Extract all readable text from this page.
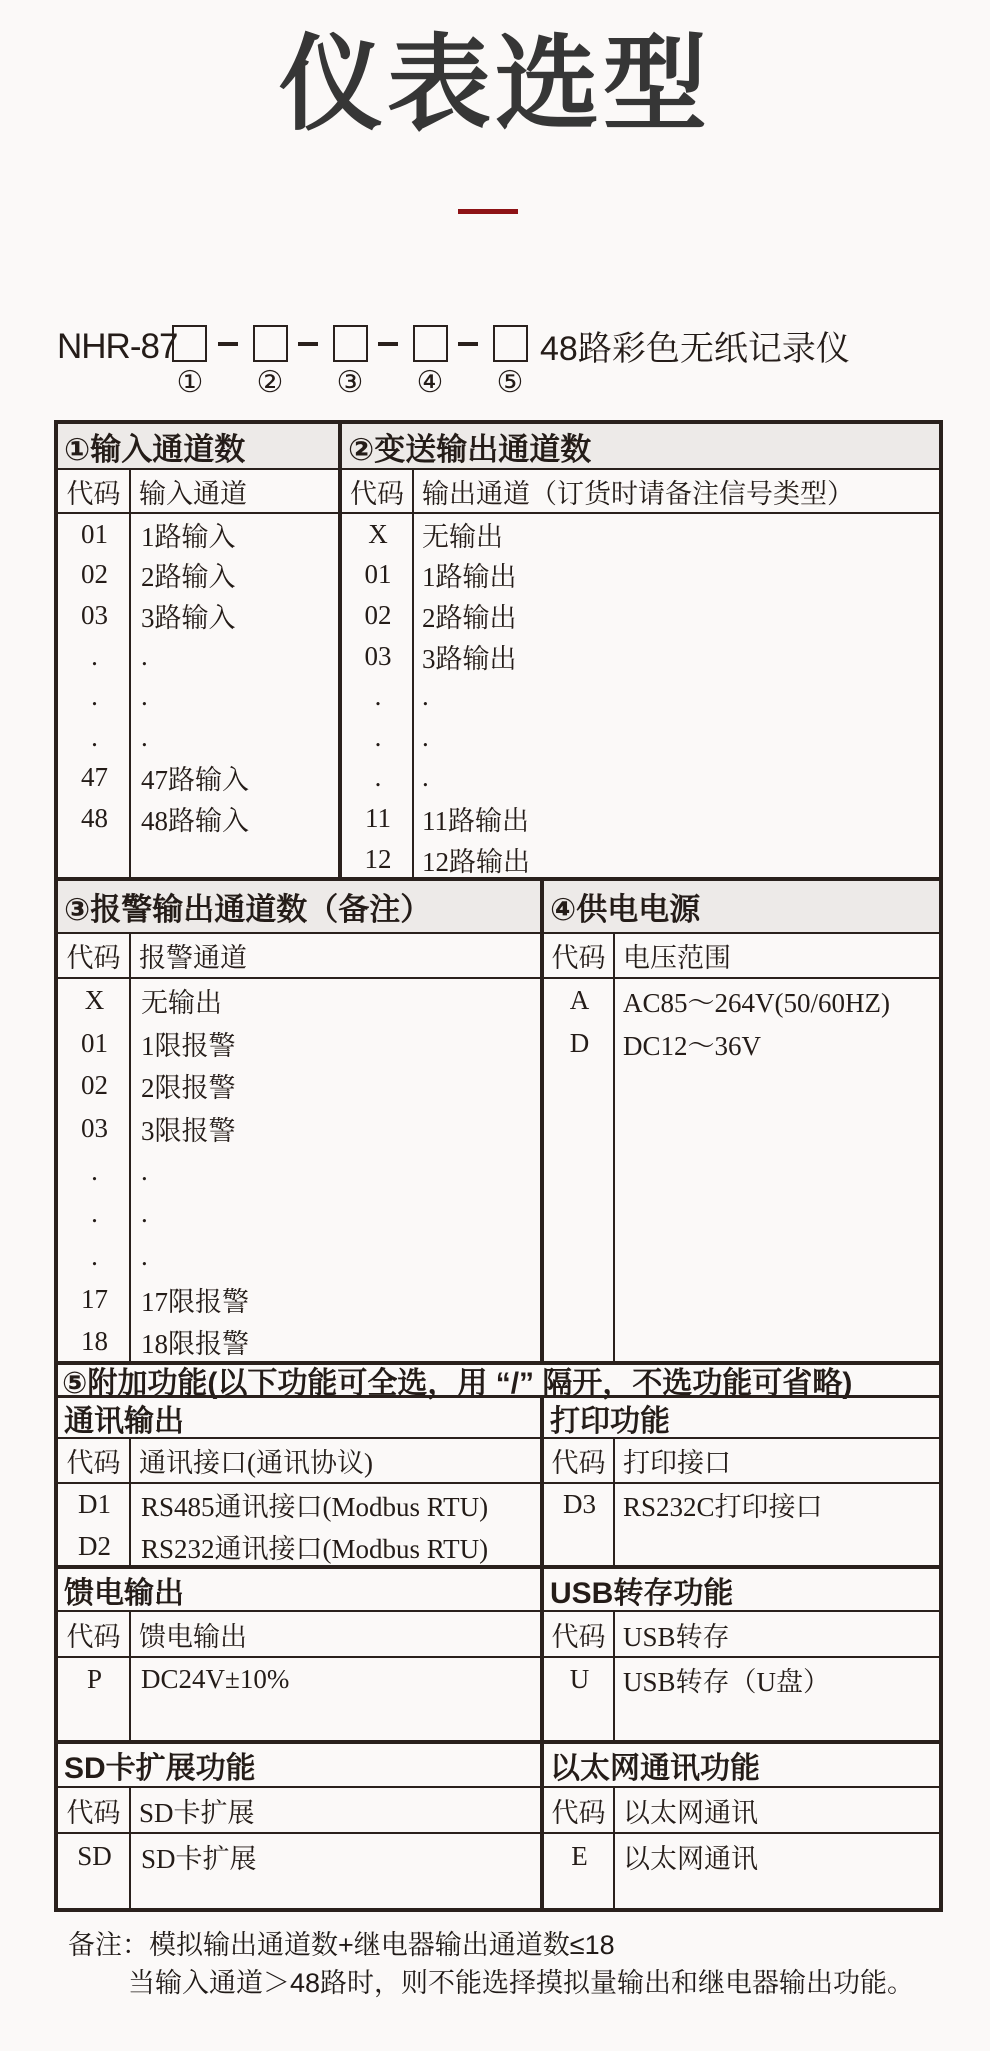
仪表选型
NHR-87	48路彩色无纸记录仪
① ② ③ ④ ⑤
①输入通道数	②变送输出通道数
代码 输入通道	代码 输出通道（订货时请备注信号类型）
01	1路输入
02	2路输入
03	3路输入
.	.
.	.
.	.
47	47路输入
48	48路输入
X	无输出
01	1路输出
02	2路输出
03	3路输出
.	.
.	.
.	.
11	11路输出
12	12路输出
③报警输出通道数（备注）	④供电电源
代码 报警通道	代码 电压范围
X	无输出
01	1限报警
02	2限报警
03	3限报警
.	.
.	.
.	.
17	17限报警
18	18限报警
A	AC85～264V(50/60HZ)
D	DC12～36V
⑤附加功能(以下功能可全选，用 “/” 隔开，不选功能可省略)
通讯输出	打印功能
代码 通讯接口(通讯协议)	代码 打印接口
D1	RS485通讯接口(Modbus RTU)
D2	RS232通讯接口(Modbus RTU)
D3	RS232C打印接口
馈电输出	USB转存功能
代码 馈电输出	代码 USB转存
P	DC24V±10%	U	USB转存（U盘）
SD卡扩展功能	以太网通讯功能
代码 SD卡扩展	代码 以太网通讯
SD	SD卡扩展	E	以太网通讯
备注：模拟输出通道数+继电器输出通道数≤18
当输入通道＞48路时，则不能选择摸拟量输出和继电器输出功能。
